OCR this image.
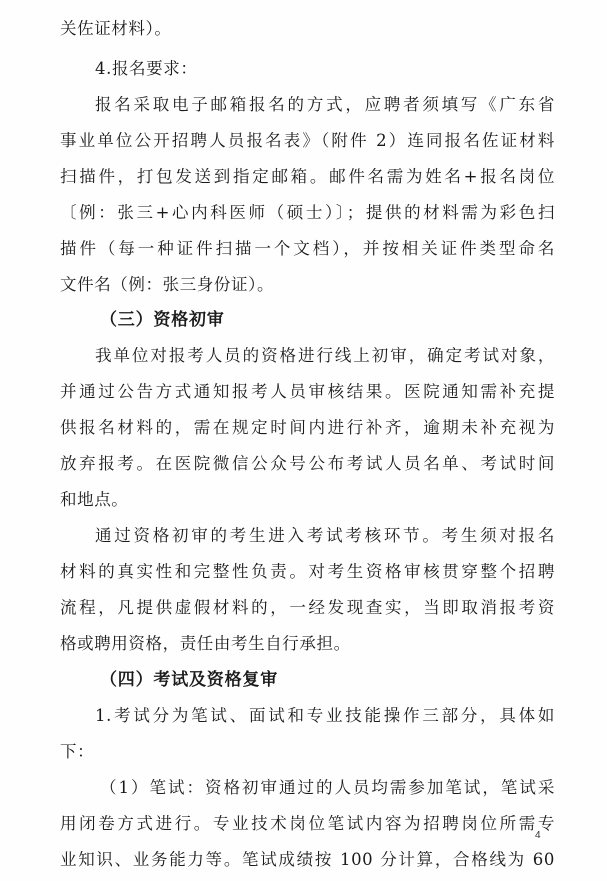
关佐证材料）。
4.报名要求：
报名采取电子邮箱报名的方式，应聘者须填写《广东省
事业单位公开招聘人员报名表》（附件 2）连同报名佐证材料
扫描件，打包发送到指定邮箱。邮件名需为姓名+报名岗位
〔例：张三+心内科医师（硕士）〕；提供的材料需为彩色扫
描件（每一种证件扫描一个文档），并按相关证件类型命名
文件名（例：张三身份证）。
（三）资格初审
我单位对报考人员的资格进行线上初审，确定考试对象，
并通过公告方式通知报考人员审核结果。医院通知需补充提
供报名材料的，需在规定时间内进行补齐，逾期未补充视为
放弃报考。在医院微信公众号公布考试人员名单、考试时间
和地点。
通过资格初审的考生进入考试考核环节。考生须对报名
材料的真实性和完整性负责。对考生资格审核贯穿整个招聘
流程，凡提供虚假材料的，一经发现查实，当即取消报考资
格或聘用资格，责任由考生自行承担。
（四）考试及资格复审
1.考试分为笔试、面试和专业技能操作三部分，具体如
下：
（1）笔试：资格初审通过的人员均需参加笔试，笔试采
用闭卷方式进行。专业技术岗位笔试内容为招聘岗位所需专
业知识、业务能力等。笔试成绩按 100 分计算，合格线为 60
4
